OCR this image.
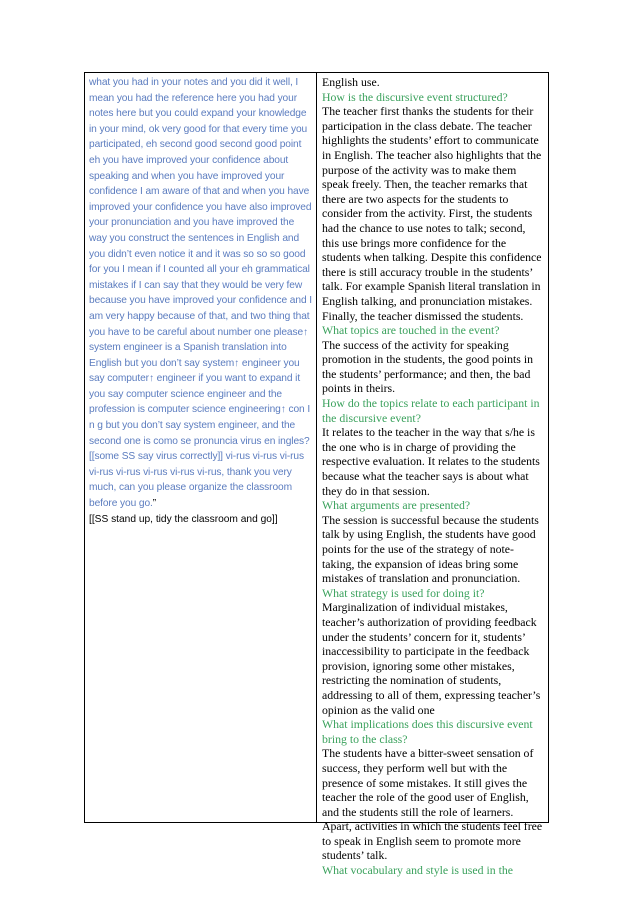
what you had in your notes and you did it well, I mean you had the reference here you had your notes here but you could expand your knowledge in your mind, ok very good for that every time you participated, eh second good second good point eh you have improved your confidence about speaking and when you have improved your confidence I am aware of that and when you have improved your confidence you have also improved your pronunciation and you have improved the way you construct the sentences in English and you didn’t even notice it and it was so so so good for you I mean if I counted all your eh grammatical mistakes if I can say that they would be very few because you have improved your confidence and I am very happy because of that, and two thing that you have to be careful about number one please↑ system engineer is a Spanish translation into English but you don’t say system↑ engineer you say computer↑ engineer if you want to expand it you say computer science engineer and the profession is computer science engineering↑ con I n g but you don’t say system engineer, and the second one is como se pronuncia virus en ingles? [[some SS say virus correctly]] vi-rus vi-rus vi-rus vi-rus vi-rus vi-rus vi-rus vi-rus, thank you very much, can you please organize the classroom before you go.”

[[SS stand up, tidy the classroom and go]]

English use.

How is the discursive event structured?

The teacher first thanks the students for their participation in the class debate. The teacher highlights the students’ effort to communicate in English. The teacher also highlights that the purpose of the activity was to make them speak freely. Then, the teacher remarks that there are two aspects for the students to consider from the activity. First, the students had the chance to use notes to talk; second, this use brings more confidence for the students when talking. Despite this confidence there is still accuracy trouble in the students’ talk. For example Spanish literal translation in English talking, and pronunciation mistakes. Finally, the teacher dismissed the students.

What topics are touched in the event?

The success of the activity for speaking promotion in the students, the good points in the students’ performance; and then, the bad points in theirs.

How do the topics relate to each participant in the discursive event?

It relates to the teacher in the way that s/he is the one who is in charge of providing the respective evaluation. It relates to the students because what the teacher says is about what they do in that session.

What arguments are presented?

The session is successful because the students talk by using English, the students have good points for the use of the strategy of note-taking, the expansion of ideas bring some mistakes of translation and pronunciation.

What strategy is used for doing it?

Marginalization of individual mistakes, teacher’s authorization of providing feedback under the students’ concern for it, students’ inaccessibility to participate in the feedback provision, ignoring some other mistakes, restricting the nomination of students, addressing to all of them, expressing teacher’s opinion as the valid one

What implications does this discursive event bring to the class?

The students have a bitter-sweet sensation of success, they perform well but with the presence of some mistakes. It still gives the teacher the role of the good user of English, and the students still the role of learners. Apart, activities in which the students feel free to speak in English seem to promote more students’ talk.

What vocabulary and style is used in the
